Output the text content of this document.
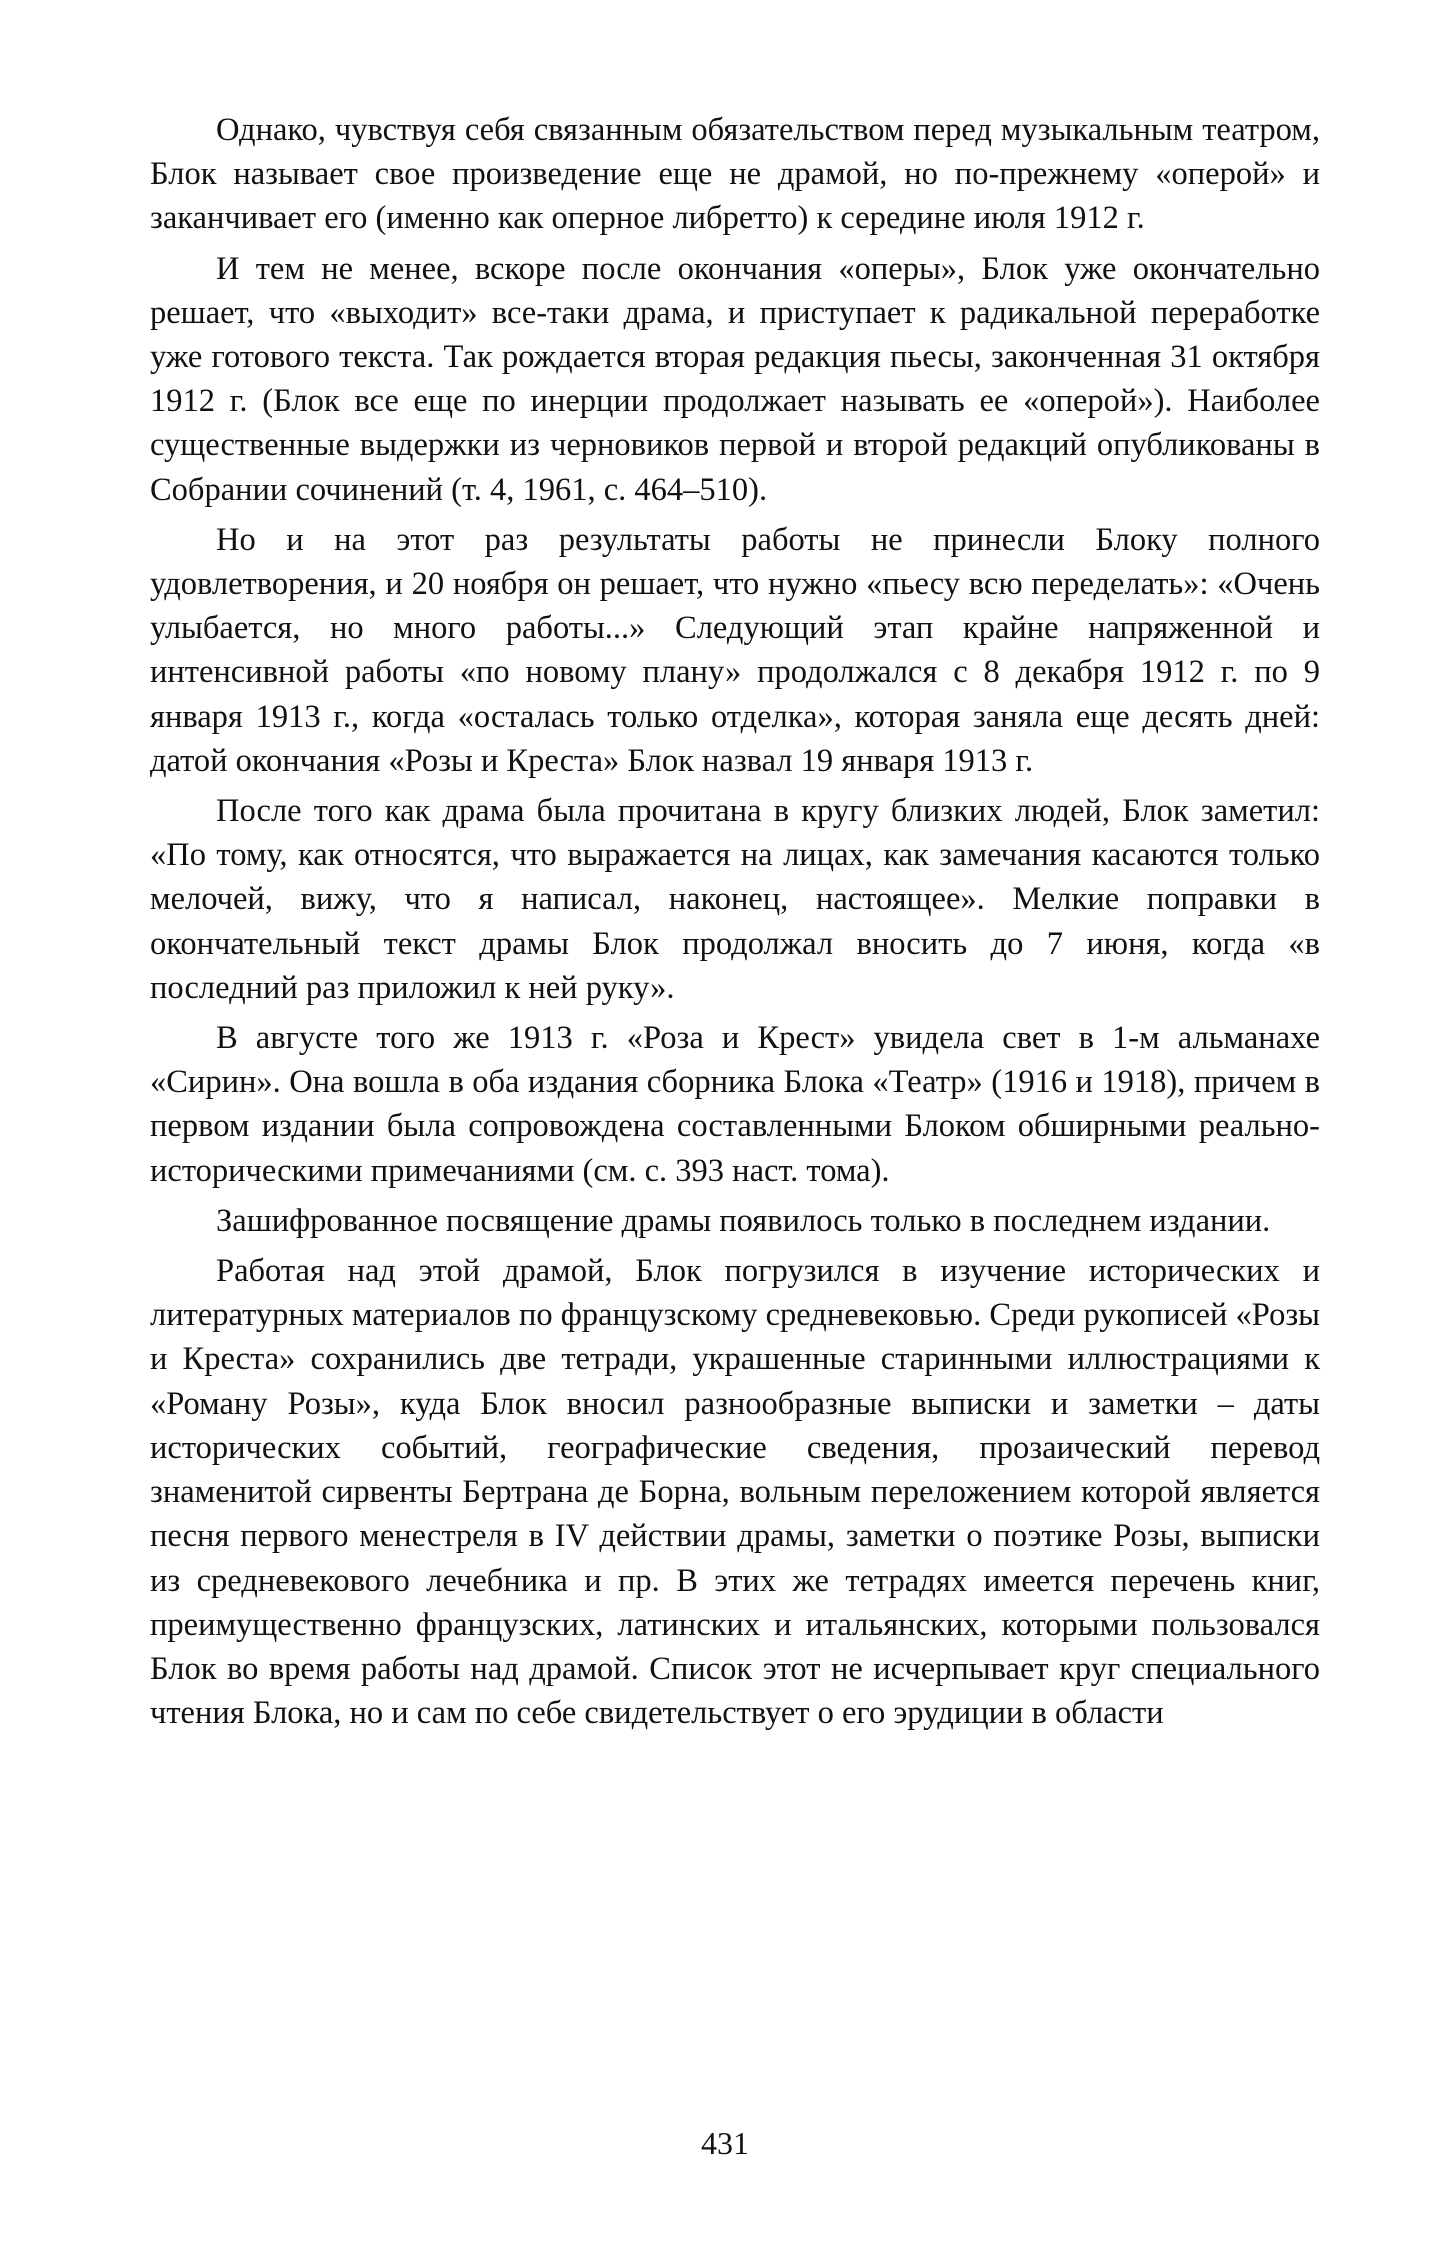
Однако, чувствуя себя связанным обязательством перед музыкальным театром, Блок называет свое произведение еще не драмой, но по-прежнему «оперой» и заканчивает его (именно как оперное либретто) к середине июля 1912 г.

И тем не менее, вскоре после окончания «оперы», Блок уже окончательно решает, что «выходит» все-таки драма, и приступает к радикальной переработке уже готового текста. Так рождается вторая редакция пьесы, законченная 31 октября 1912 г. (Блок все еще по инерции продолжает называть ее «оперой»). Наиболее существенные выдержки из черновиков первой и второй редакций опубликованы в Собрании сочинений (т. 4, 1961, с. 464–510).

Но и на этот раз результаты работы не принесли Блоку полного удовлетворения, и 20 ноября он решает, что нужно «пьесу всю переделать»: «Очень улыбается, но много работы...» Следующий этап крайне напряженной и интенсивной работы «по новому плану» продолжался с 8 декабря 1912 г. по 9 января 1913 г., когда «осталась только отделка», которая заняла еще десять дней: датой окончания «Розы и Креста» Блок назвал 19 января 1913 г.

После того как драма была прочитана в кругу близких людей, Блок заметил: «По тому, как относятся, что выражается на лицах, как замечания касаются только мелочей, вижу, что я написал, наконец, настоящее». Мелкие поправки в окончательный текст драмы Блок продолжал вносить до 7 июня, когда «в последний раз приложил к ней руку».

В августе того же 1913 г. «Роза и Крест» увидела свет в 1-м альманахе «Сирин». Она вошла в оба издания сборника Блока «Театр» (1916 и 1918), причем в первом издании была сопровождена составленными Блоком обширными реально-историческими примечаниями (см. с. 393 наст. тома).

Зашифрованное посвящение драмы появилось только в последнем издании.

Работая над этой драмой, Блок погрузился в изучение исторических и литературных материалов по французскому средневековью. Среди рукописей «Розы и Креста» сохранились две тетради, украшенные старинными иллюстрациями к «Роману Розы», куда Блок вносил разнообразные выписки и заметки – даты исторических событий, географические сведения, прозаический перевод знаменитой сирвенты Бертрана де Борна, вольным переложением которой является песня первого менестреля в IV действии драмы, заметки о поэтике Розы, выписки из средневекового лечебника и пр. В этих же тетрадях имеется перечень книг, преимущественно французских, латинских и итальянских, которыми пользовался Блок во время работы над драмой. Список этот не исчерпывает круг специального чтения Блока, но и сам по себе свидетельствует о его эрудиции в области

431
